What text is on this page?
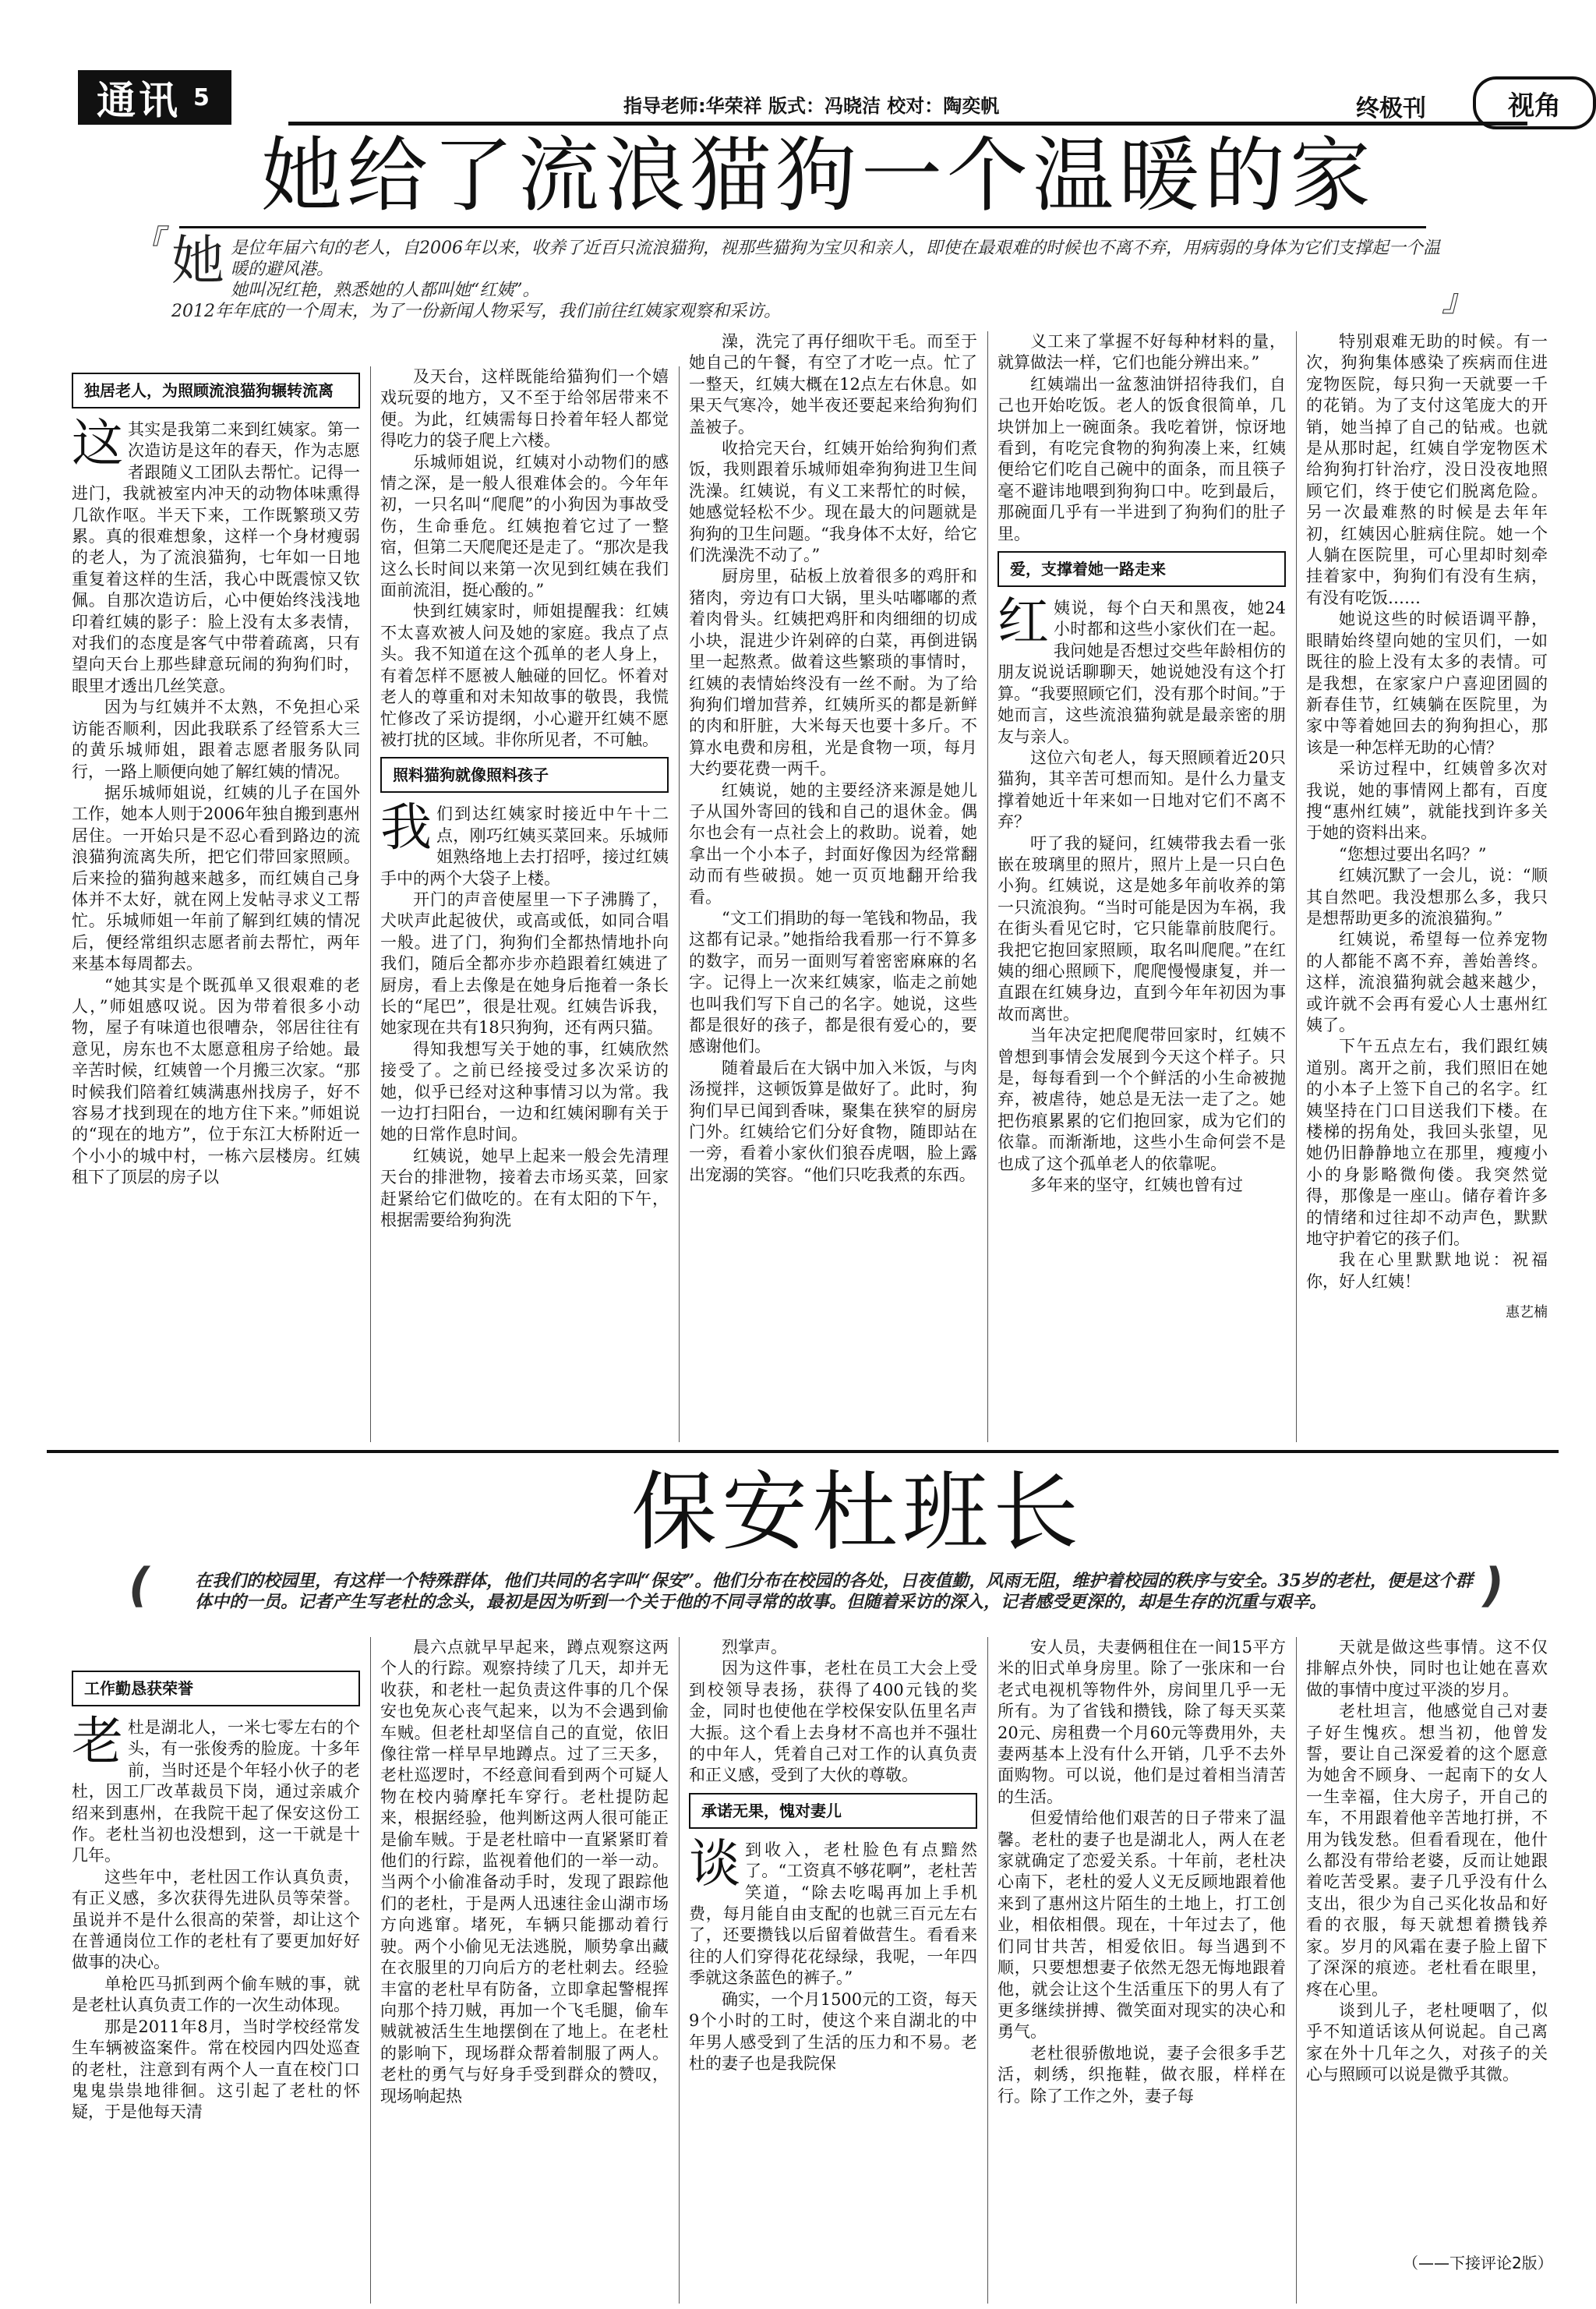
通讯 5	指导老师:华荣祥 版式：冯晓洁 校对：陶奕帆	终极刊	视角
她给了流浪猫狗一个温暖的家
『 她 是位年届六旬的老人，自2006年以来，收养了近百只流浪猫狗，视那些猫狗为宝贝和亲人，即使在最艰难的时候也不离不弃，用病弱的身体为它们支撑起一个温暖的避风港。
她叫况红艳，熟悉她的人都叫她“红姨”。
2012年年底的一个周末，为了一份新闻人物采写，我们前往红姨家观察和采访。	』
独居老人，为照顾流浪猫狗辗转流离

这其实是我第二来到红姨家。第一次造访是这年的春天，作为志愿者跟随义工团队去帮忙。记得一进门，我就被室内冲天的动物体味熏得几欲作呕。半天下来，工作既繁琐又劳累。真的很难想象，这样一个身材瘦弱的老人，为了流浪猫狗，七年如一日地重复着这样的生活，我心中既震惊又钦佩。自那次造访后，心中便始终浅浅地印着红姨的影子：脸上没有太多表情，对我们的态度是客气中带着疏离，只有望向天台上那些肆意玩闹的狗狗们时，眼里才透出几丝笑意。

因为与红姨并不太熟，不免担心采访能否顺利，因此我联系了经管系大三的黄乐城师姐，跟着志愿者服务队同行，一路上顺便向她了解红姨的情况。

据乐城师姐说，红姨的儿子在国外工作，她本人则于2006年独自搬到惠州居住。一开始只是不忍心看到路边的流浪猫狗流离失所，把它们带回家照顾。后来捡的猫狗越来越多，而红姨自己身体并不太好，就在网上发帖寻求义工帮忙。乐城师姐一年前了解到红姨的情况后，便经常组织志愿者前去帮忙，两年来基本每周都去。

“她其实是个既孤单又很艰难的老人，”师姐感叹说。因为带着很多小动物，屋子有味道也很嘈杂，邻居往往有意见，房东也不太愿意租房子给她。最辛苦时候，红姨曾一个月搬三次家。“那时候我们陪着红姨满惠州找房子，好不容易才找到现在的地方住下来。”师姐说的“现在的地方”，位于东江大桥附近一个小小的城中村，一栋六层楼房。红姨租下了顶层的房子以

及天台，这样既能给猫狗们一个嬉戏玩耍的地方，又不至于给邻居带来不便。为此，红姨需每日拎着年轻人都觉得吃力的袋子爬上六楼。

乐城师姐说，红姨对小动物们的感情之深，是一般人很难体会的。今年年初，一只名叫“爬爬”的小狗因为事故受伤，生命垂危。红姨抱着它过了一整宿，但第二天爬爬还是走了。“那次是我这么长时间以来第一次见到红姨在我们面前流泪，挺心酸的。”

快到红姨家时，师姐提醒我：红姨不太喜欢被人问及她的家庭。我点了点头。我不知道在这个孤单的老人身上，有着怎样不愿被人触碰的回忆。怀着对老人的尊重和对未知故事的敬畏，我慌忙修改了采访提纲，小心避开红姨不愿被打扰的区域。非你所见者，不可触。

照料猫狗就像照料孩子

我们到达红姨家时接近中午十二点，刚巧红姨买菜回来。乐城师姐熟络地上去打招呼，接过红姨手中的两个大袋子上楼。

开门的声音使屋里一下子沸腾了，犬吠声此起彼伏，或高或低，如同合唱一般。进了门，狗狗们全都热情地扑向我们，随后全都亦步亦趋跟着红姨进了厨房，看上去像是在她身后拖着一条长长的“尾巴”，很是壮观。红姨告诉我，她家现在共有18只狗狗，还有两只猫。

得知我想写关于她的事，红姨欣然接受了。之前已经接受过多次采访的她，似乎已经对这种事情习以为常。我一边打扫阳台，一边和红姨闲聊有关于她的日常作息时间。

红姨说，她早上起来一般会先清理天台的排泄物，接着去市场买菜，回家赶紧给它们做吃的。在有太阳的下午，根据需要给狗狗洗

澡，洗完了再仔细吹干毛。而至于她自己的午餐，有空了才吃一点。忙了一整天，红姨大概在12点左右休息。如果天气寒冷，她半夜还要起来给狗狗们盖被子。

收拾完天台，红姨开始给狗狗们煮饭，我则跟着乐城师姐牵狗狗进卫生间洗澡。红姨说，有义工来帮忙的时候，她感觉轻松不少。现在最大的问题就是狗狗的卫生问题。“我身体不太好，给它们洗澡洗不动了。”

厨房里，砧板上放着很多的鸡肝和猪肉，旁边有口大锅，里头咕嘟嘟的煮着肉骨头。红姨把鸡肝和肉细细的切成小块，混进少许剁碎的白菜，再倒进锅里一起熬煮。做着这些繁琐的事情时，红姨的表情始终没有一丝不耐。为了给狗狗们增加营养，红姨所买的都是新鲜的肉和肝脏，大米每天也要十多斤。不算水电费和房租，光是食物一项，每月大约要花费一两千。

红姨说，她的主要经济来源是她儿子从国外寄回的钱和自己的退休金。偶尔也会有一点社会上的救助。说着，她拿出一个小本子，封面好像因为经常翻动而有些破损。她一页页地翻开给我看。

“文工们捐助的每一笔钱和物品，我这都有记录。”她指给我看那一行不算多的数字，而另一面则写着密密麻麻的名字。记得上一次来红姨家，临走之前她也叫我们写下自己的名字。她说，这些都是很好的孩子，都是很有爱心的，要感谢他们。

随着最后在大锅中加入米饭，与肉汤搅拌，这顿饭算是做好了。此时，狗狗们早已闻到香味，聚集在狭窄的厨房门外。红姨给它们分好食物，随即站在一旁，看着小家伙们狼吞虎咽，脸上露出宠溺的笑容。“他们只吃我煮的东西。

义工来了掌握不好每种材料的量，就算做法一样，它们也能分辨出来。”

红姨端出一盆葱油饼招待我们，自己也开始吃饭。老人的饭食很简单，几块饼加上一碗面条。我吃着饼，惊讶地看到，有吃完食物的狗狗凑上来，红姨便给它们吃自己碗中的面条，而且筷子毫不避讳地喂到狗狗口中。吃到最后，那碗面几乎有一半进到了狗狗们的肚子里。

爱，支撑着她一路走来

红姨说，每个白天和黑夜，她24小时都和这些小家伙们在一起。我问她是否想过交些年龄相仿的朋友说说话聊聊天，她说她没有这个打算。“我要照顾它们，没有那个时间。”于她而言，这些流浪猫狗就是最亲密的朋友与亲人。

这位六旬老人，每天照顾着近20只猫狗，其辛苦可想而知。是什么力量支撑着她近十年来如一日地对它们不离不弃？

吁了我的疑问，红姨带我去看一张嵌在玻璃里的照片，照片上是一只白色小狗。红姨说，这是她多年前收养的第一只流浪狗。“当时可能是因为车祸，我在街头看见它时，它只能靠前肢爬行。我把它抱回家照顾，取名叫爬爬。”在红姨的细心照顾下，爬爬慢慢康复，并一直跟在红姨身边，直到今年年初因为事故而离世。

当年决定把爬爬带回家时，红姨不曾想到事情会发展到今天这个样子。只是，每每看到一个个鲜活的小生命被抛弃，被虐待，她总是无法一走了之。她把伤痕累累的它们抱回家，成为它们的依靠。而渐渐地，这些小生命何尝不是也成了这个孤单老人的依靠呢。

多年来的坚守，红姨也曾有过

特别艰难无助的时候。有一次，狗狗集体感染了疾病而住进宠物医院，每只狗一天就要一千的花销。为了支付这笔庞大的开销，她当掉了自己的钻戒。也就是从那时起，红姨自学宠物医术给狗狗打针治疗，没日没夜地照顾它们，终于使它们脱离危险。另一次最难熬的时候是去年年初，红姨因心脏病住院。她一个人躺在医院里，可心里却时刻牵挂着家中，狗狗们有没有生病，有没有吃饭……

她说这些的时候语调平静，眼睛始终望向她的宝贝们，一如既往的脸上没有太多的表情。可是我想，在家家户户喜迎团圆的新春佳节，红姨躺在医院里，为家中等着她回去的狗狗担心，那该是一种怎样无助的心情？

采访过程中，红姨曾多次对我说，她的事情网上都有，百度搜“惠州红姨”，就能找到许多关于她的资料出来。

“您想过要出名吗？”

红姨沉默了一会儿，说：“顺其自然吧。我没想那么多，我只是想帮助更多的流浪猫狗。”

红姨说，希望每一位养宠物的人都能不离不弃，善始善终。这样，流浪猫狗就会越来越少，或许就不会再有爱心人士惠州红姨了。

下午五点左右，我们跟红姨道别。离开之前，我们照旧在她的小本子上签下自己的名字。红姨坚持在门口目送我们下楼。在楼梯的拐角处，我回头张望，见她仍旧静静地立在那里，瘦瘦小小的身影略微佝偻。我突然觉得，那像是一座山。储存着许多的情绪和过往却不动声色，默默地守护着它的孩子们。

我在心里默默地说：祝福你，好人红姨！

惠艺楠
保安杜班长
(	在我们的校园里，有这样一个特殊群体，他们共同的名字叫“保安”。他们分布在校园的各处，日夜值勤，风雨无阻，维护着校园的秩序与安全。35岁的老杜，便是这个群体中的一员。记者产生写老杜的念头，最初是因为听到一个关于他的不同寻常的故事。但随着采访的深入，记者感受更深的，却是生存的沉重与艰辛。	)
工作勤恳获荣誉

老杜是湖北人，一米七零左右的个头，有一张俊秀的脸庞。十多年前，当时还是个年轻小伙子的老杜，因工厂改革裁员下岗，通过亲戚介绍来到惠州，在我院干起了保安这份工作。老杜当初也没想到，这一干就是十几年。

这些年中，老杜因工作认真负责，有正义感，多次获得先进队员等荣誉。虽说并不是什么很高的荣誉，却让这个在普通岗位工作的老杜有了要更加好好做事的决心。

单枪匹马抓到两个偷车贼的事，就是老杜认真负责工作的一次生动体现。

那是2011年8月，当时学校经常发生车辆被盗案件。常在校园内四处巡查的老杜，注意到有两个人一直在校门口鬼鬼祟祟地徘徊。这引起了老杜的怀疑，于是他每天清

晨六点就早早起来，蹲点观察这两个人的行踪。观察持续了几天，却并无收获，和老杜一起负责这件事的几个保安也免灰心丧气起来，以为不会遇到偷车贼。但老杜却坚信自己的直觉，依旧像往常一样早早地蹲点。过了三天多，老杜巡逻时，不经意间看到两个可疑人物在校内骑摩托车穿行。老杜提防起来，根据经验，他判断这两人很可能正是偷车贼。于是老杜暗中一直紧紧盯着他们的行踪，监视着他们的一举一动。当两个小偷准备动手时，发现了跟踪他们的老杜，于是两人迅速往金山湖市场方向逃窜。堵死，车辆只能挪动着行驶。两个小偷见无法逃脱，顺势拿出藏在衣服里的刀向后方的老杜刺去。经验丰富的老杜早有防备，立即拿起警棍挥向那个持刀贼，再加一个飞毛腿，偷车贼就被活生生地摆倒在了地上。在老杜的影响下，现场群众帮着制服了两人。老杜的勇气与好身手受到群众的赞叹，现场响起热

烈掌声。

因为这件事，老杜在员工大会上受到校领导表扬，获得了400元钱的奖金，同时也使他在学校保安队伍里名声大振。这个看上去身材不高也并不强壮的中年人，凭着自己对工作的认真负责和正义感，受到了大伙的尊敬。

承诺无果，愧对妻儿

谈到收入，老杜脸色有点黯然了。“工资真不够花啊”，老杜苦笑道，“除去吃喝再加上手机费，每月能自由支配的也就三百元左右了，还要攒钱以后留着做营生。看看来往的人们穿得花花绿绿，我呢，一年四季就这条蓝色的裤子。”

确实，一个月1500元的工资，每天9个小时的工时，使这个来自湖北的中年男人感受到了生活的压力和不易。老杜的妻子也是我院保

安人员，夫妻俩租住在一间15平方米的旧式单身房里。除了一张床和一台老式电视机等物件外，房间里几乎一无所有。为了省钱和攒钱，除了每天买菜20元、房租费一个月60元等费用外，夫妻两基本上没有什么开销，几乎不去外面购物。可以说，他们是过着相当清苦的生活。

但爱情给他们艰苦的日子带来了温馨。老杜的妻子也是湖北人，两人在老家就确定了恋爱关系。十年前，老杜决心南下，老杜的爱人义无反顾地跟着他来到了惠州这片陌生的土地上，打工创业，相依相偎。现在，十年过去了，他们同甘共苦，相爱依旧。每当遇到不顺，只要想想妻子依然无怨无悔地跟着他，就会让这个生活重压下的男人有了更多继续拼搏、微笑面对现实的决心和勇气。

老杜很骄傲地说，妻子会很多手艺活，刺绣，织拖鞋，做衣服，样样在行。除了工作之外，妻子每

天就是做这些事情。这不仅排解点外快，同时也让她在喜欢做的事情中度过平淡的岁月。

老杜坦言，他感觉自己对妻子好生愧疚。想当初，他曾发誓，要让自己深爱着的这个愿意为她舍不顾身、一起南下的女人一生幸福，住大房子，开自己的车，不用跟着他辛苦地打拼，不用为钱发愁。但看看现在，他什么都没有带给老婆，反而让她跟着吃苦受累。妻子几乎没有什么支出，很少为自己买化妆品和好看的衣服，每天就想着攒钱养家。岁月的风霜在妻子脸上留下了深深的痕迹。老杜看在眼里，疼在心里。

谈到儿子，老杜哽咽了，似乎不知道话该从何说起。自己离家在外十几年之久，对孩子的关心与照顾可以说是微乎其微。

（——下接评论2版）
